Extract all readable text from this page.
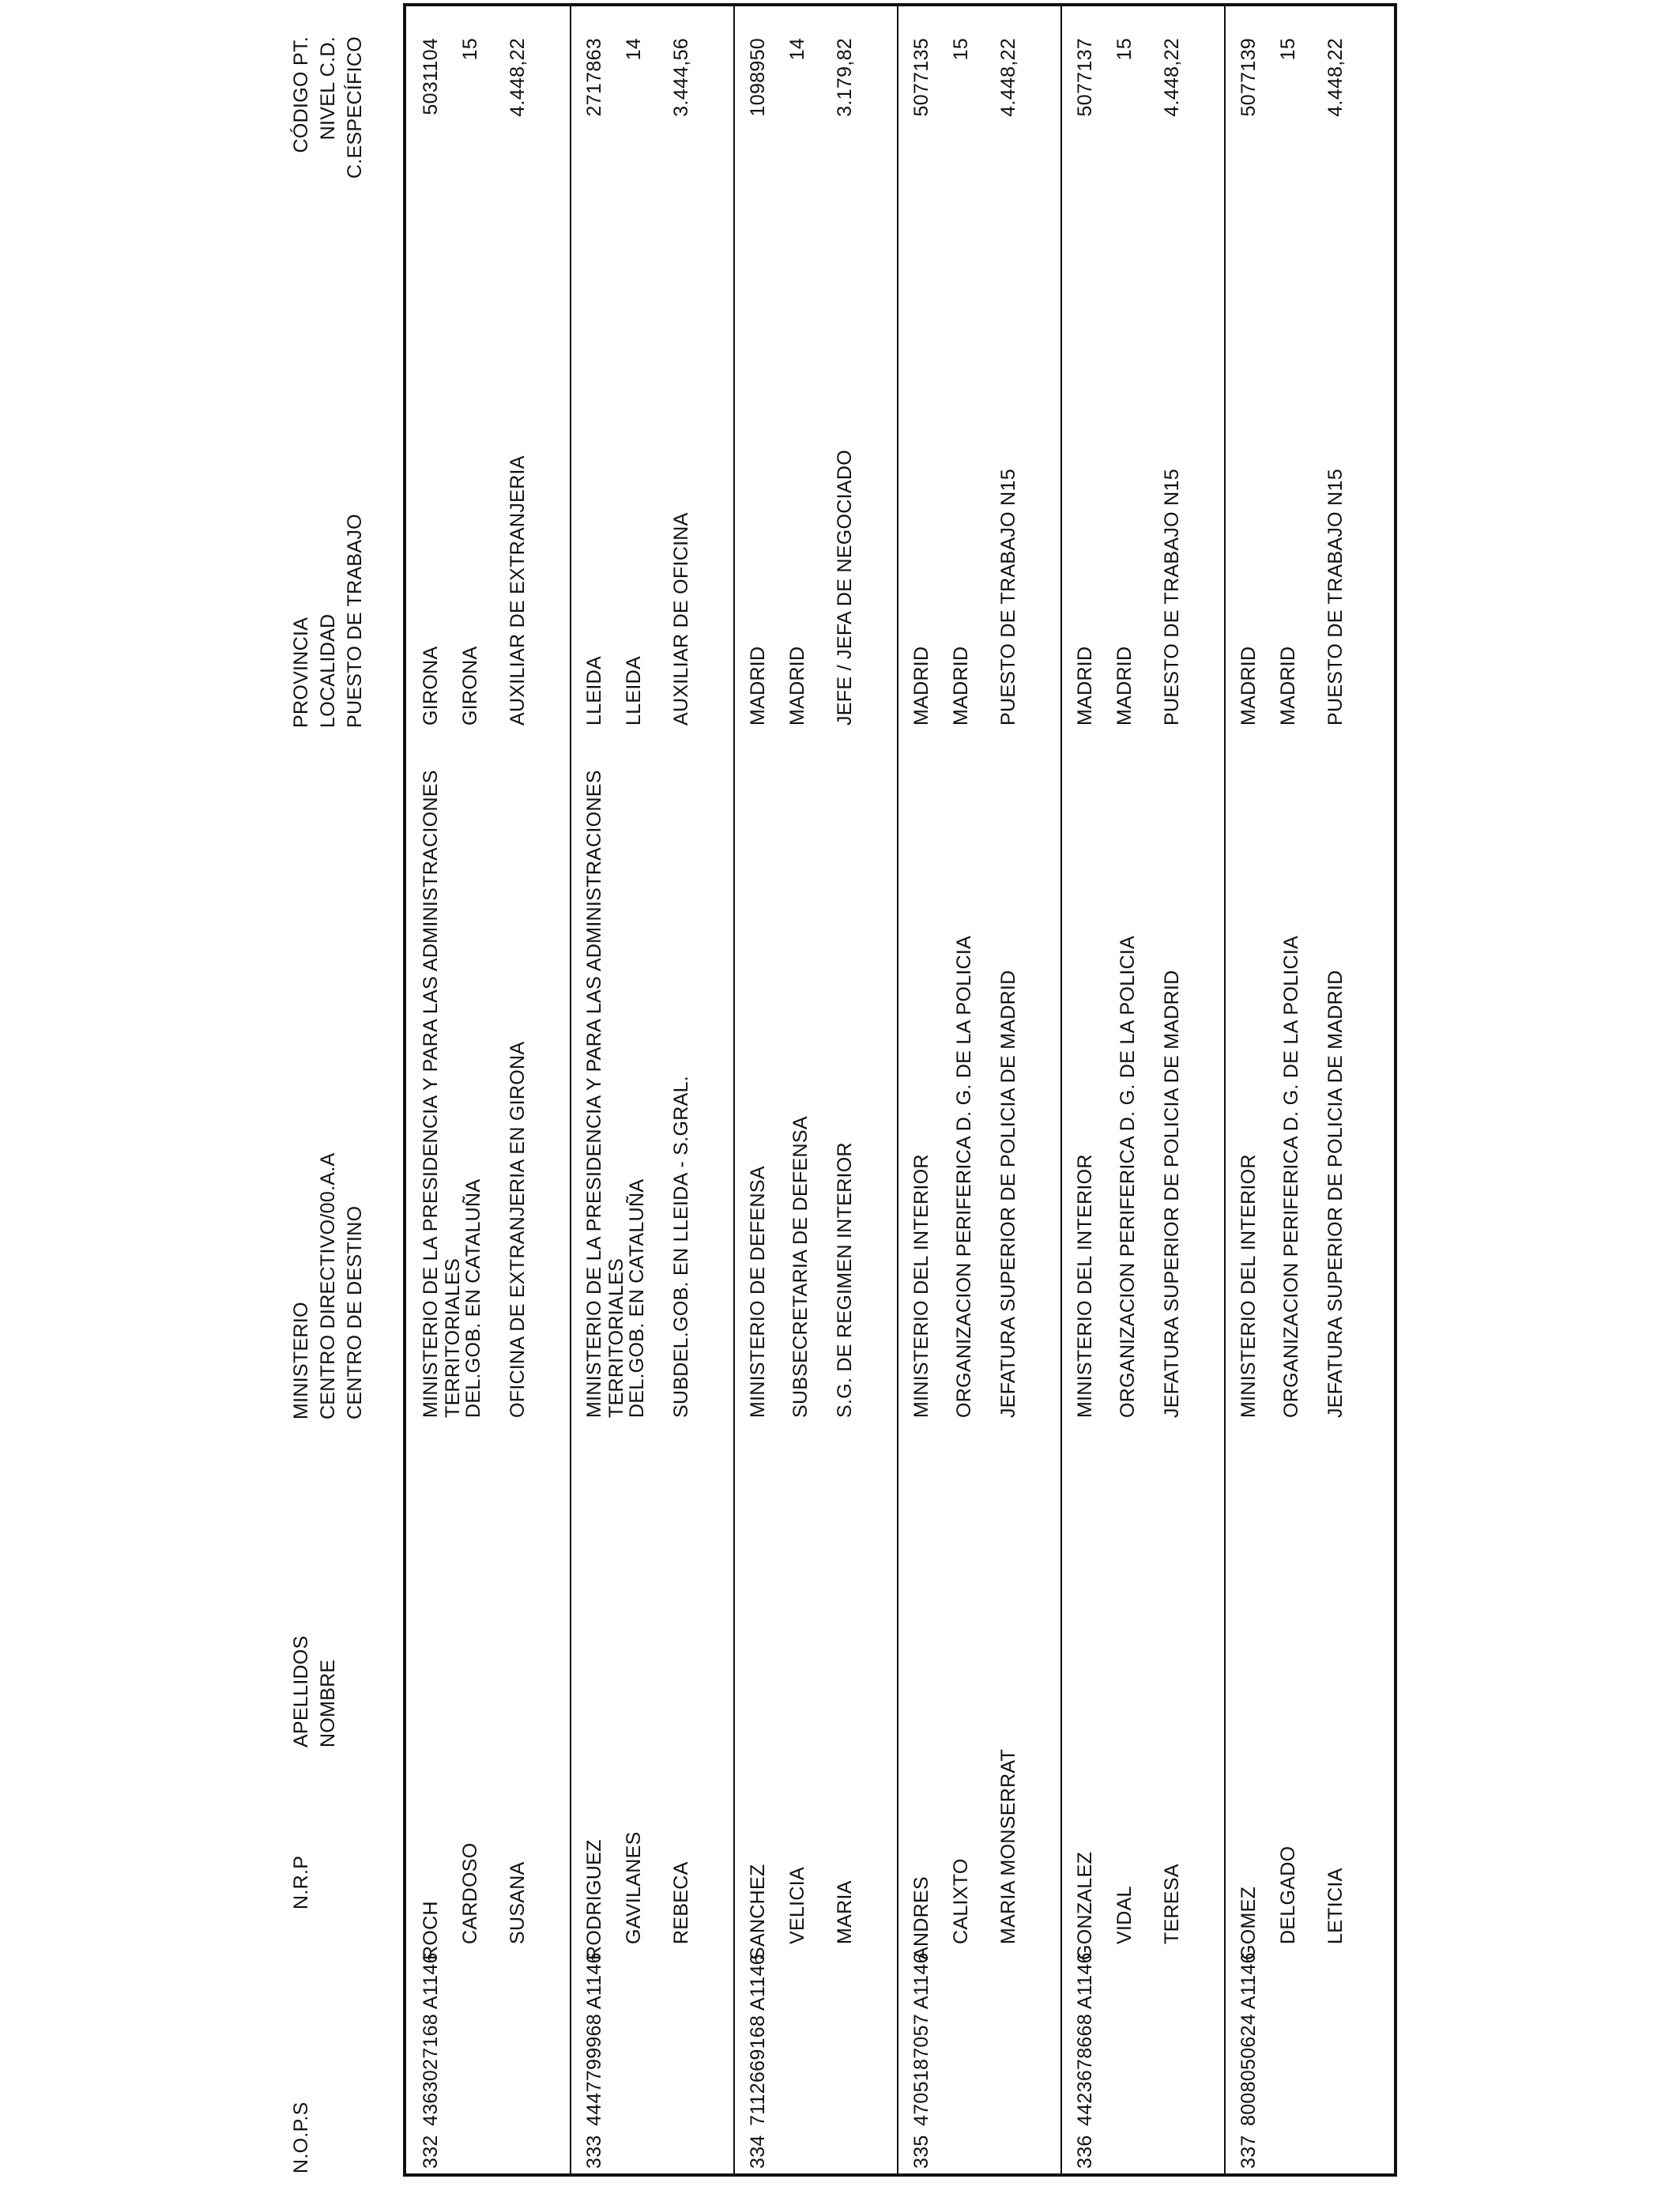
N.O.P.S
N.R.P
APELLIDOS NOMBRE
MINISTERIO CENTRO DIRECTIVO/00.A.A CENTRO DE DESTINO
PROVINCIA LOCALIDAD PUESTO DE TRABAJO
CÓDIGO PT. NIVEL C.D. C.ESPECÍFICO
332
4363027168 A1146
ROCH CARDOSO SUSANA
MINISTERIO DE LA PRESIDENCIA Y PARA LAS ADMINISTRACIONES TERRITORIALES
DEL.GOB. EN CATALUÑA OFICINA DE EXTRANJERIA EN GIRONA
GIRONA GIRONA AUXILIAR DE EXTRANJERIA
5031104 15 4.448,22
333
4447799968 A1146
RODRIGUEZ GAVILANES REBECA
MINISTERIO DE LA PRESIDENCIA Y PARA LAS ADMINISTRACIONES TERRITORIALES
DEL.GOB. EN CATALUÑA SUBDEL.GOB. EN LLEIDA - S.GRAL.
LLEIDA LLEIDA AUXILIAR DE OFICINA
2717863 14 3.444,56
334
7112669168 A1146
SANCHEZ VELICIA MARIA
MINISTERIO DE DEFENSA SUBSECRETARIA DE DEFENSA S.G. DE REGIMEN INTERIOR
MADRID MADRID JEFE / JEFA DE NEGOCIADO
1098950 14 3.179,82
335
4705187057 A1146
ANDRES CALIXTO MARIA MONSERRAT
MINISTERIO DEL INTERIOR ORGANIZACION PERIFERICA D. G. DE LA POLICIA JEFATURA SUPERIOR DE POLICIA DE MADRID
MADRID MADRID PUESTO DE TRABAJO N15
5077135 15 4.448,22
336
4423678668 A1146
GONZALEZ VIDAL TERESA
MINISTERIO DEL INTERIOR ORGANIZACION PERIFERICA D. G. DE LA POLICIA JEFATURA SUPERIOR DE POLICIA DE MADRID
MADRID MADRID PUESTO DE TRABAJO N15
5077137 15 4.448,22
337
8008050624 A1146
GOMEZ DELGADO LETICIA
MINISTERIO DEL INTERIOR ORGANIZACION PERIFERICA D. G. DE LA POLICIA JEFATURA SUPERIOR DE POLICIA DE MADRID
MADRID MADRID PUESTO DE TRABAJO N15
5077139 15 4.448,22
